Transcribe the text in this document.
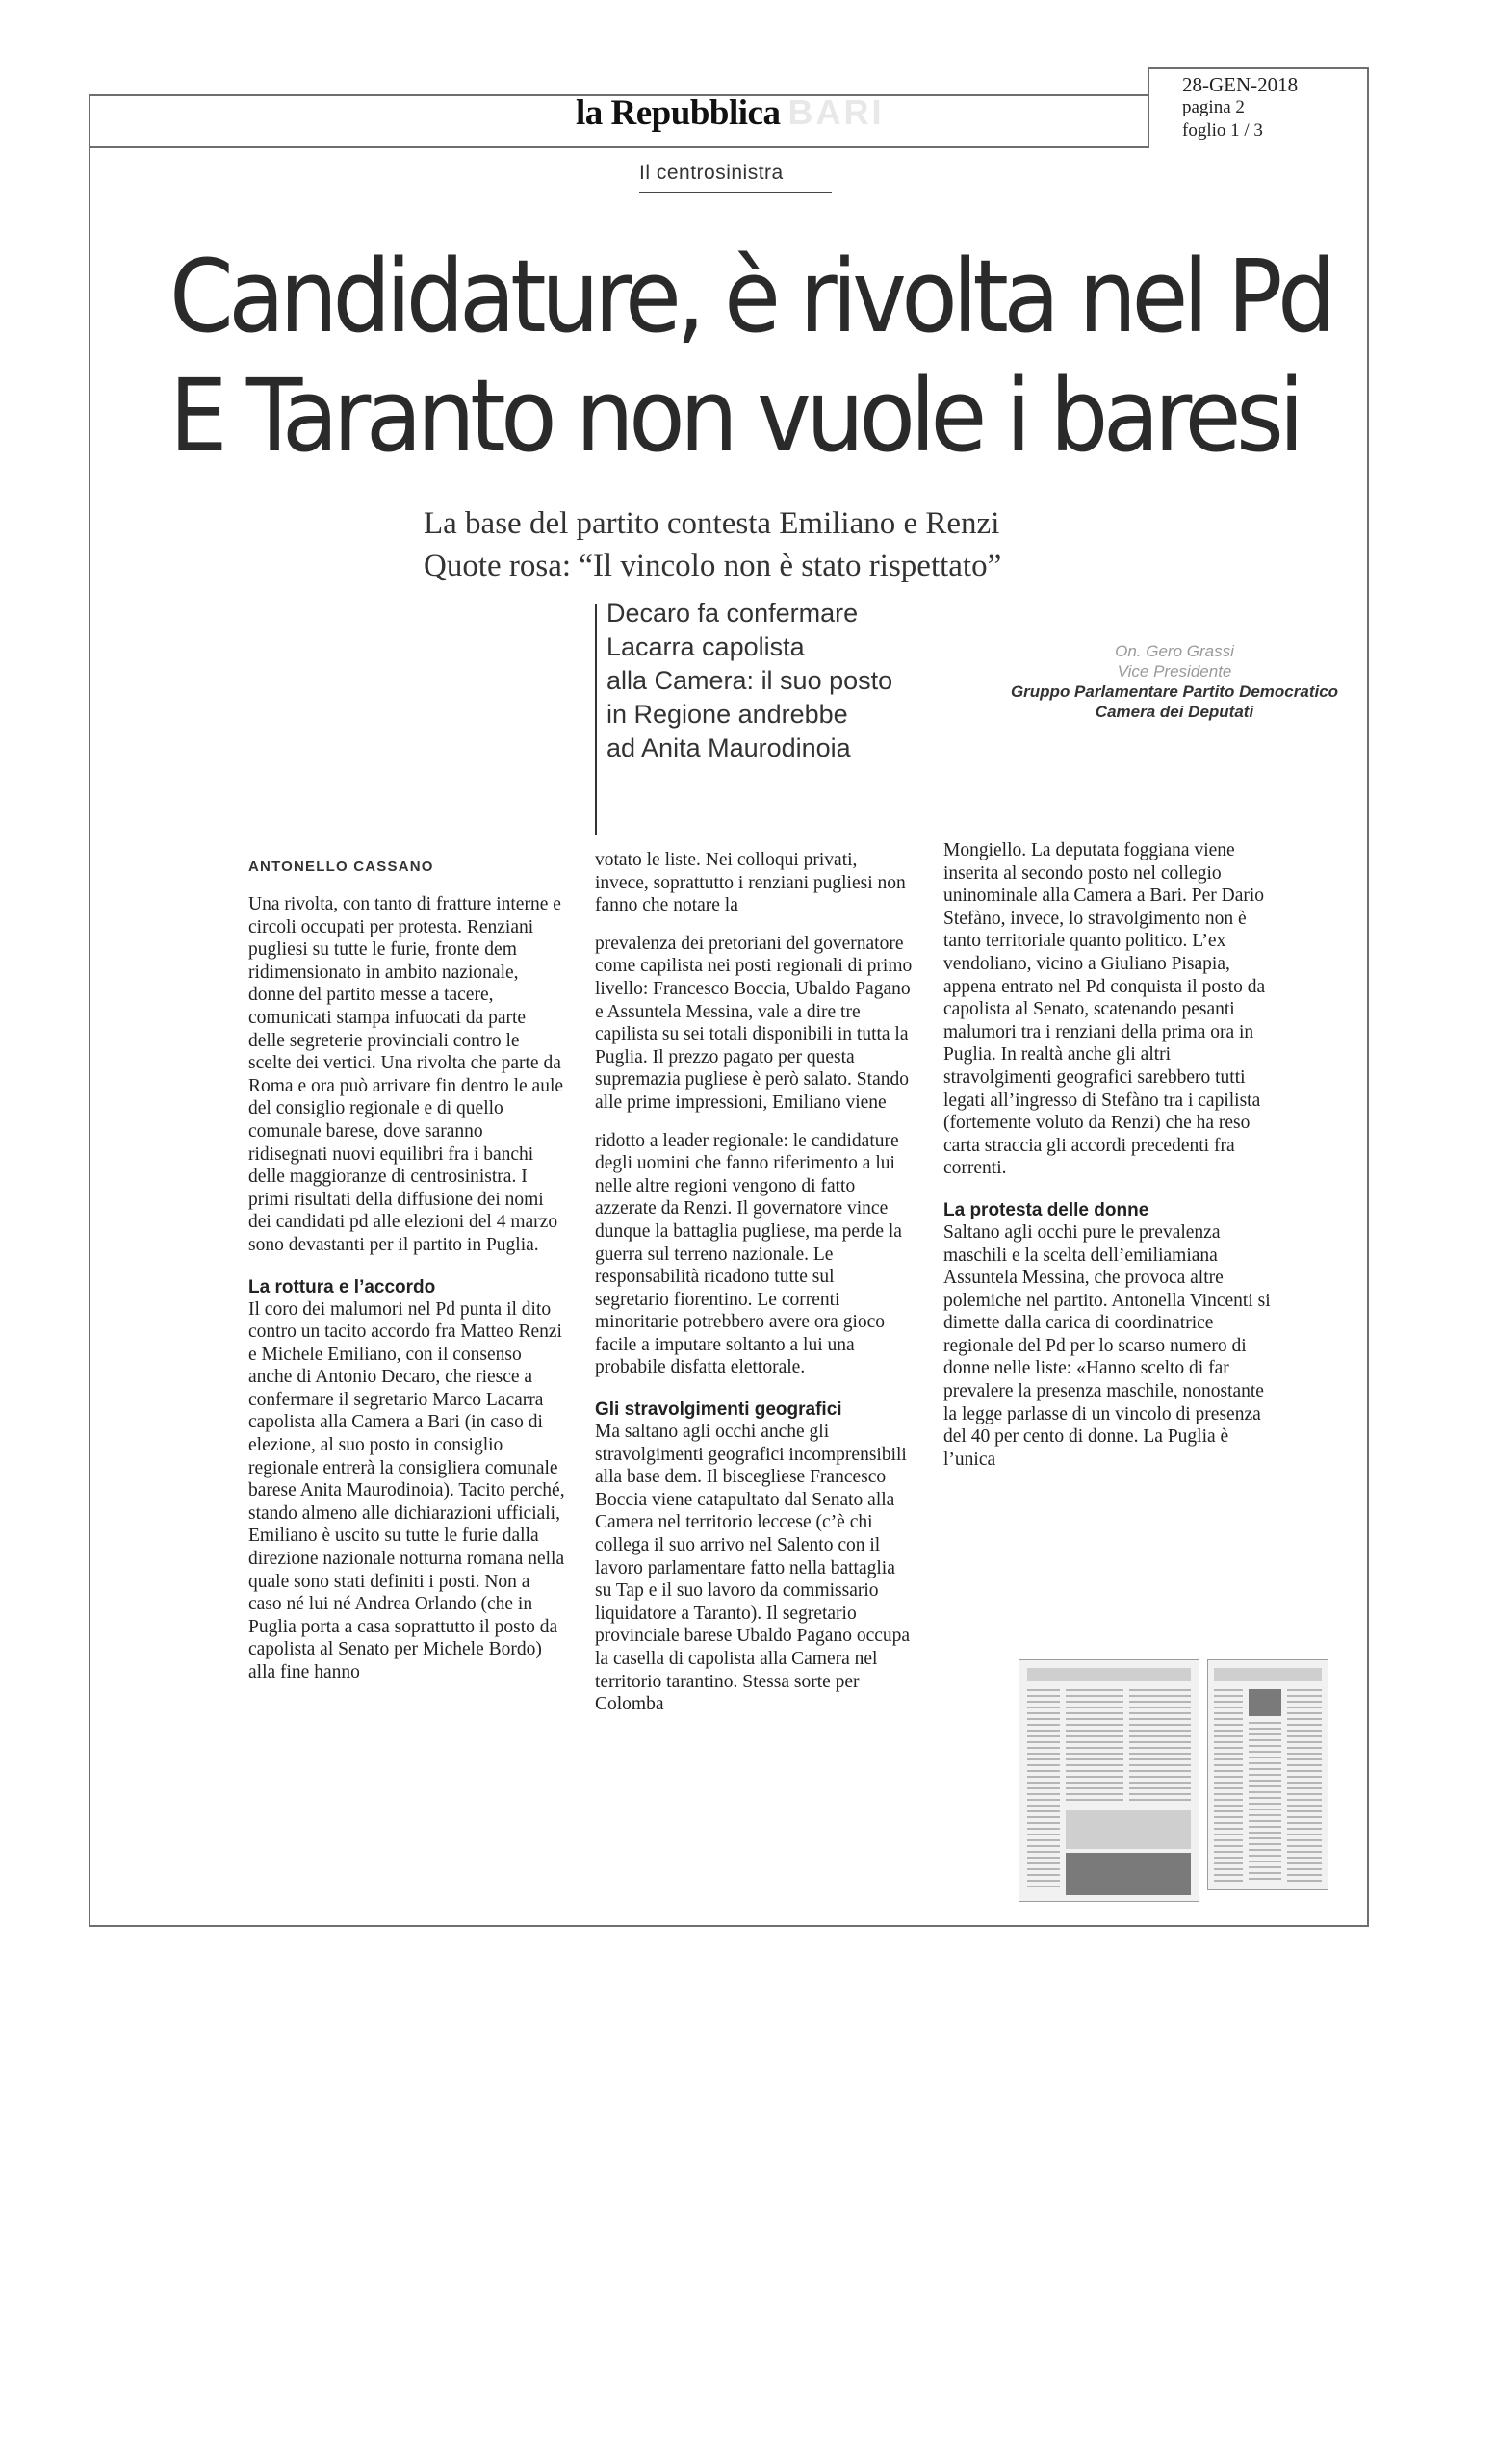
la Repubblica BARI
28-GEN-2018
pagina 2
foglio 1 / 3
Il centrosinistra
Candidature, è rivolta nel Pd
E Taranto non vuole i baresi
La base del partito contesta Emiliano e Renzi
Quote rosa: “Il vincolo non è stato rispettato”
Decaro fa confermare
Lacarra capolista
alla Camera: il suo posto
in Regione andrebbe
ad Anita Maurodinoia
On. Gero Grassi
Vice Presidente
Gruppo Parlamentare Partito Democratico
Camera dei Deputati
ANTONELLO CASSANO

Una rivolta, con tanto di fratture interne e circoli occupati per protesta. Renziani pugliesi su tutte le furie, fronte dem ridimensionato in ambito nazionale, donne del partito messe a tacere, comunicati stampa infuocati da parte delle segreterie provinciali contro le scelte dei vertici. Una rivolta che parte da Roma e ora può arrivare fin dentro le aule del consiglio regionale e di quello comunale barese, dove saranno ridisegnati nuovi equilibri fra i banchi delle maggioranze di centrosinistra. I primi risultati della diffusione dei nomi dei candidati pd alle elezioni del 4 marzo sono devastanti per il partito in Puglia.

La rottura e l’accordo

Il coro dei malumori nel Pd punta il dito contro un tacito accordo fra Matteo Renzi e Michele Emiliano, con il consenso anche di Antonio Decaro, che riesce a confermare il segretario Marco Lacarra capolista alla Camera a Bari (in caso di elezione, al suo posto in consiglio regionale entrerà la consigliera comunale barese Anita Maurodinoia). Tacito perché, stando almeno alle dichiarazioni ufficiali, Emiliano è uscito su tutte le furie dalla direzione nazionale notturna romana nella quale sono stati definiti i posti. Non a caso né lui né Andrea Orlando (che in Puglia porta a casa soprattutto il posto da capolista al Senato per Michele Bordo) alla fine hanno

votato le liste. Nei colloqui privati, invece, soprattutto i renziani pugliesi non fanno che notare la

prevalenza dei pretoriani del governatore come capilista nei posti regionali di primo livello: Francesco Boccia, Ubaldo Pagano e Assuntela Messina, vale a dire tre capilista su sei totali disponibili in tutta la Puglia. Il prezzo pagato per questa supremazia pugliese è però salato. Stando alle prime impressioni, Emiliano viene

ridotto a leader regionale: le candidature degli uomini che fanno riferimento a lui nelle altre regioni vengono di fatto azzerate da Renzi. Il governatore vince dunque la battaglia pugliese, ma perde la guerra sul terreno nazionale. Le responsabilità ricadono tutte sul segretario fiorentino. Le correnti minoritarie potrebbero avere ora gioco facile a imputare soltanto a lui una probabile disfatta elettorale.

Gli stravolgimenti geografici

Ma saltano agli occhi anche gli stravolgimenti geografici incomprensibili alla base dem. Il biscegliese Francesco Boccia viene catapultato dal Senato alla Camera nel territorio leccese (c’è chi collega il suo arrivo nel Salento con il lavoro parlamentare fatto nella battaglia su Tap e il suo lavoro da commissario liquidatore a Taranto). Il segretario provinciale barese Ubaldo Pagano occupa la casella di capolista alla Camera nel territorio tarantino. Stessa sorte per Colomba

Mongiello. La deputata foggiana viene inserita al secondo posto nel collegio uninominale alla Camera a Bari. Per Dario Stefàno, invece, lo stravolgimento non è tanto territoriale quanto politico. L’ex vendoliano, vicino a Giuliano Pisapia, appena entrato nel Pd conquista il posto da capolista al Senato, scatenando pesanti malumori tra i renziani della prima ora in Puglia. In realtà anche gli altri stravolgimenti geografici sarebbero tutti legati all’ingresso di Stefàno tra i capilista (fortemente voluto da Renzi) che ha reso carta straccia gli accordi precedenti fra correnti.

La protesta delle donne

Saltano agli occhi pure le prevalenza maschili e la scelta dell’emiliamiana Assuntela Messina, che provoca altre polemiche nel partito. Antonella Vincenti si dimette dalla carica di coordinatrice regionale del Pd per lo scarso numero di donne nelle liste: «Hanno scelto di far prevalere la presenza maschile, nonostante la legge parlasse di un vincolo di presenza del 40 per cento di donne. La Puglia è l’unica
